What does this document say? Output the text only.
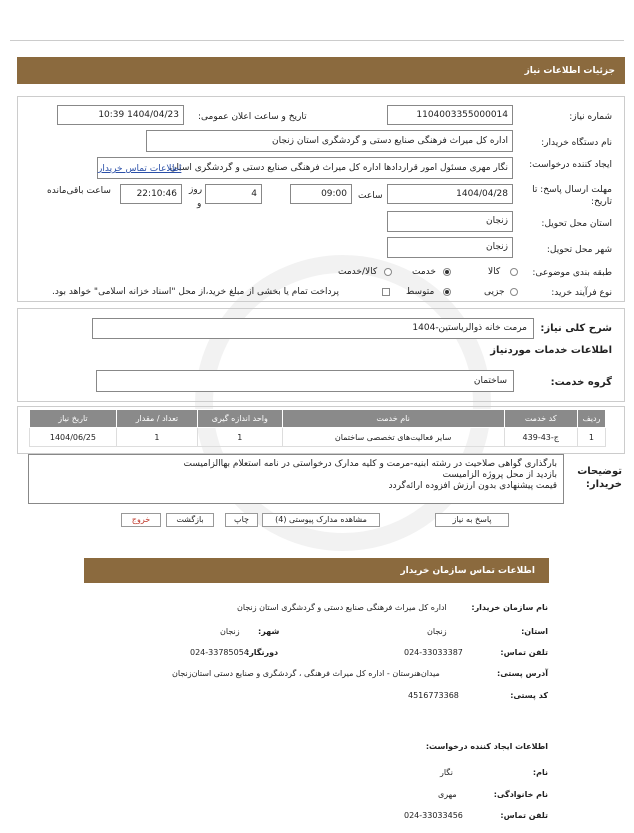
جزئیات اطلاعات نیاز
شماره نیاز:
1104003355000014
تاریخ و ساعت اعلان عمومی:
1404/04/23 10:39
نام دستگاه خریدار:
اداره کل میراث فرهنگی صنایع دستی و گردشگری استان زنجان
ایجاد کننده درخواست:
نگار مهری مسئول امور قراردادها اداره کل میراث فرهنگی صنایع دستی و گردشگری استان
اطلاعات تماس خریدار
مهلت ارسال پاسخ: تا تاریخ:
1404/04/28
ساعت
09:00
4
روز
و
22:10:46
ساعت باقی‌مانده
استان محل تحویل:
زنجان
شهر محل تحویل:
زنجان
طبقه بندی موضوعی:
کالا
خدمت
کالا/خدمت
نوع فرآیند خرید:
جزیی
متوسط
پرداخت تمام یا بخشی از مبلغ خرید،از محل "اسناد خزانه اسلامی" خواهد بود.
شرح کلی نیاز:
مرمت خانه ذوالریاستین-1404
اطلاعات خدمات موردنیاز
گروه خدمت:
ساختمان
ردیف	کد خدمت	نام خدمت	واحد اندازه گیری	تعداد / مقدار	تاریخ نیاز
1	ج-43-439	سایر فعالیت‌های تخصصی ساختمان	1	1	1404/06/25
توضیحات خریدار:
بارگذاری گواهی صلاحیت در رشته ابنیه-مرمت و کلیه مدارک درخواستی در نامه استعلام بهاالزامیست
بازدید از محل پروژه الزامیست
قیمت پیشنهادی بدون ارزش افزوده ارائه‌گردد
پاسخ به نیاز
مشاهده مدارک پیوستی (4)
چاپ
بازگشت
خروج
اطلاعات تماس سازمان خریدار
نام سازمان خریدار:
اداره کل میراث فرهنگی صنایع دستی و گردشگری استان زنجان
استان:
زنجان
شهر:
زنجان
تلفن تماس:
024-33033387
دورنگار:
024-33785054
آدرس پستی:
میدان‌هنرستان - اداره کل میراث فرهنگی ، گردشگری و صنایع دستی استان‌زنجان
کد پستی:
4516773368
اطلاعات ایجاد کننده درخواست:
نام:
نگار
نام خانوادگی:
مهری
تلفن تماس:
024-33033456
